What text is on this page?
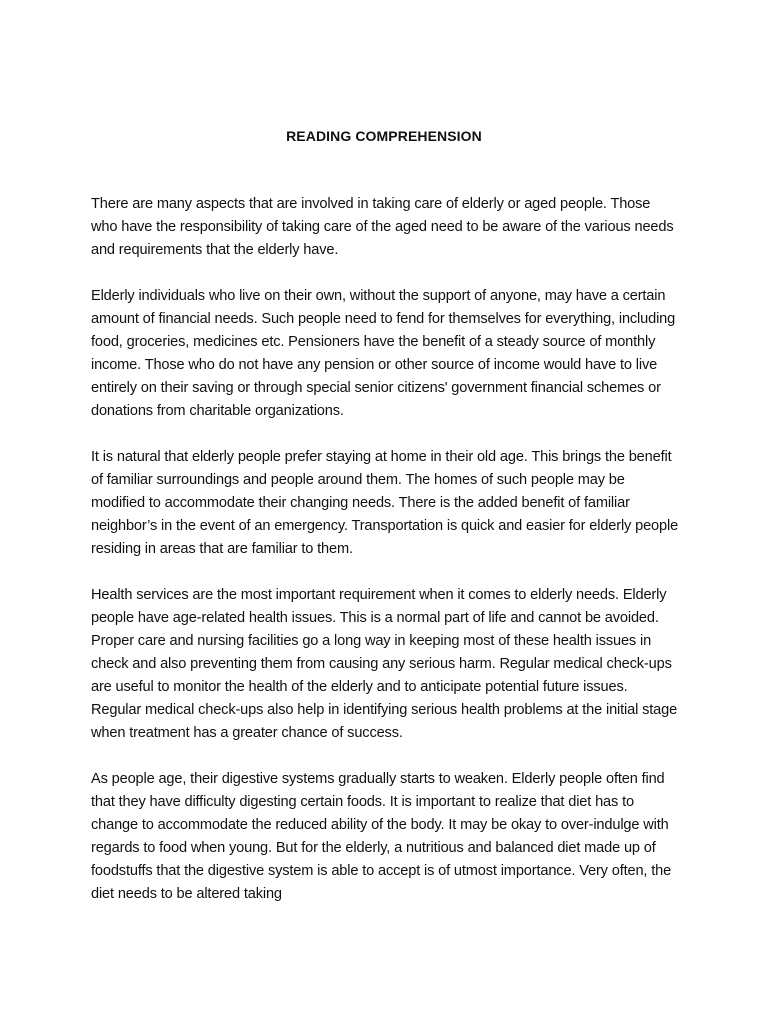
READING COMPREHENSION

There are many aspects that are involved in taking care of elderly or aged people. Those who have the responsibility of taking care of the aged need to be aware of the various needs and requirements that the elderly have.

Elderly individuals who live on their own, without the support of anyone, may have a certain amount of financial needs. Such people need to fend for themselves for everything, including food, groceries, medicines etc. Pensioners have the benefit of a steady source of monthly income. Those who do not have any pension or other source of income would have to live entirely on their saving or through special senior citizens' government financial schemes or donations from charitable organizations.

It is natural that elderly people prefer staying at home in their old age. This brings the benefit of familiar surroundings and people around them. The homes of such people may be modified to accommodate their changing needs. There is the added benefit of familiar neighbor’s in the event of an emergency. Transportation is quick and easier for elderly people residing in areas that are familiar to them.

Health services are the most important requirement when it comes to elderly needs. Elderly people have age-related health issues. This is a normal part of life and cannot be avoided. Proper care and nursing facilities go a long way in keeping most of these health issues in check and also preventing them from causing any serious harm. Regular medical check-ups are useful to monitor the health of the elderly and to anticipate potential future issues. Regular medical check-ups also help in identifying serious health problems at the initial stage when treatment has a greater chance of success.

As people age, their digestive systems gradually starts to weaken. Elderly people often find that they have difficulty digesting certain foods. It is important to realize that diet has to change to accommodate the reduced ability of the body. It may be okay to over-indulge with regards to food when young. But for the elderly, a nutritious and balanced diet made up of foodstuffs that the digestive system is able to accept is of utmost importance. Very often, the diet needs to be altered taking
